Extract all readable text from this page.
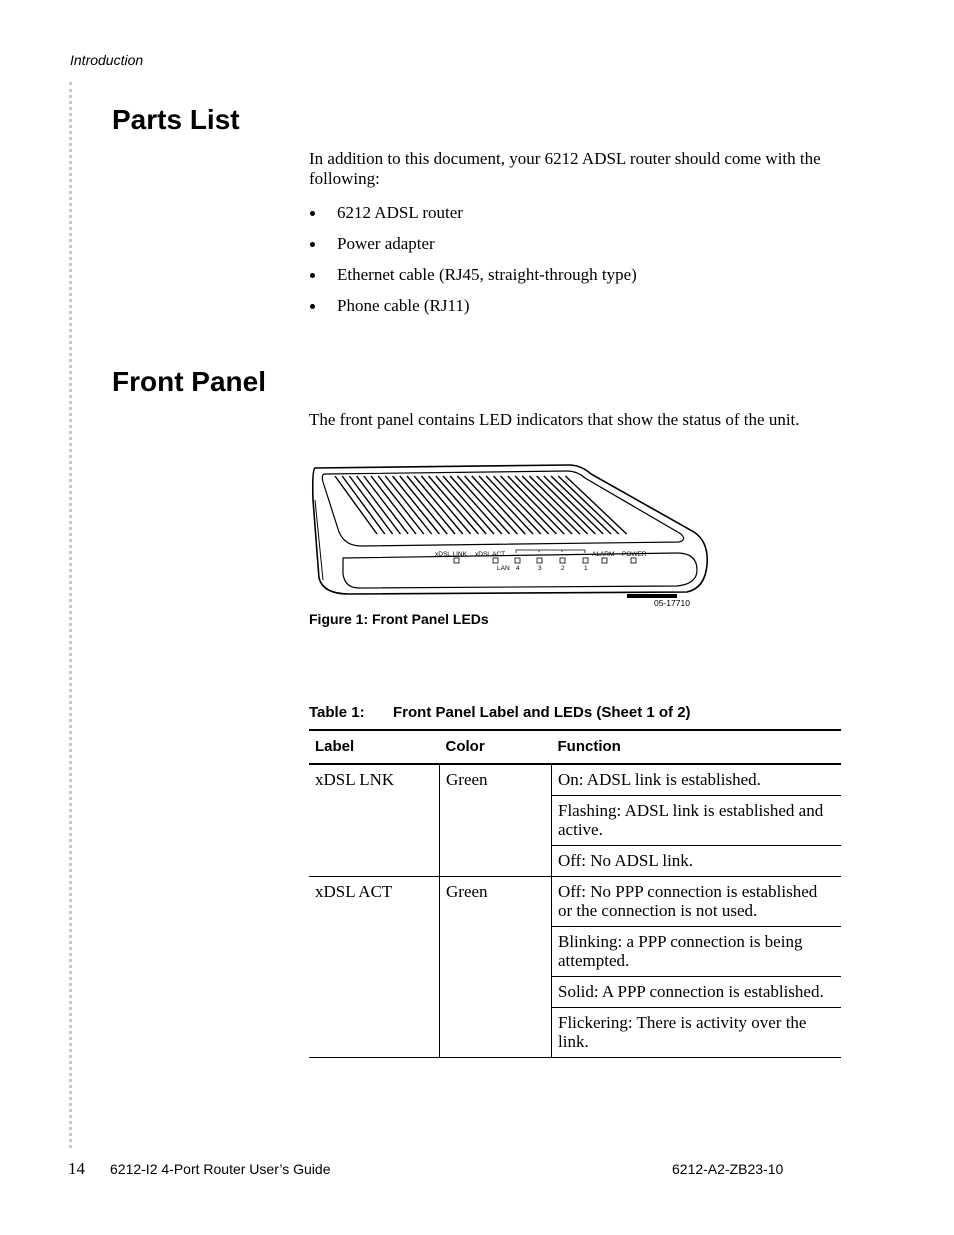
Introduction
Parts List

In addition to this document, your 6212 ADSL router should come with the following:

6212 ADSL router
Power adapter
Ethernet cable (RJ45, straight-through type)
Phone cable (RJ11)
Front Panel

The front panel contains LED indicators that show the status of the unit.

xDSL LINK xDSL ACT	ALARM POWER
LAN 4	3	2	1
05-17710
Figure 1: Front Panel LEDs
Table 1: Front Panel Label and LEDs (Sheet 1 of 2)
Label	Color	Function
xDSL LNK	Green	On: ADSL link is established.
		Flashing: ADSL link is established and active.
		Off: No ADSL link.
xDSL ACT	Green	Off: No PPP connection is established or the connection is not used.
		Blinking: a PPP connection is being attempted.
		Solid: A PPP connection is established.
		Flickering: There is activity over the link.
14 6212-I2 4-Port Router User’s Guide	6212-A2-ZB23-10
